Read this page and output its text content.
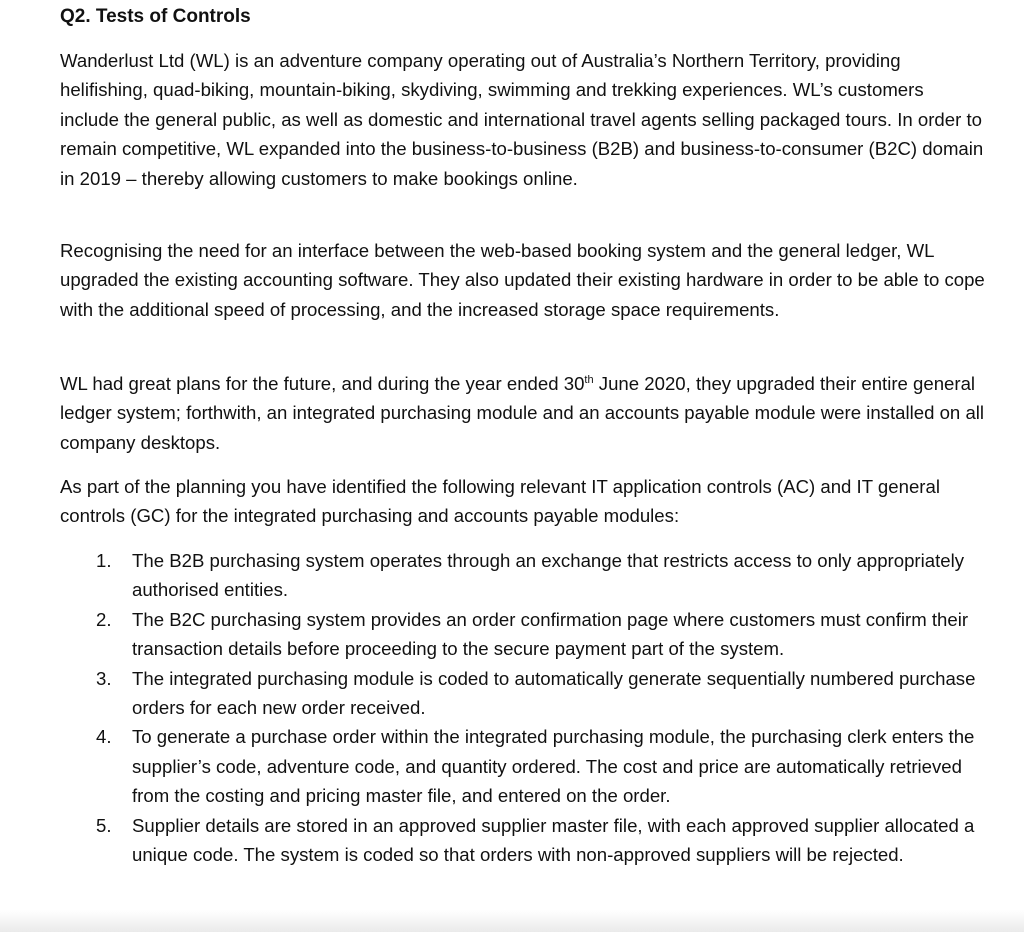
Q2. Tests of Controls

Wanderlust Ltd (WL) is an adventure company operating out of Australia’s Northern Territory, providing helifishing, quad-biking, mountain-biking, skydiving, swimming and trekking experiences. WL’s customers include the general public, as well as domestic and international travel agents selling packaged tours. In order to remain competitive, WL expanded into the business-to-business (B2B) and business-to-consumer (B2C) domain in 2019 – thereby allowing customers to make bookings online.

Recognising the need for an interface between the web-based booking system and the general ledger, WL upgraded the existing accounting software. They also updated their existing hardware in order to be able to cope with the additional speed of processing, and the increased storage space requirements.

WL had great plans for the future, and during the year ended 30th June 2020, they upgraded their entire general ledger system; forthwith, an integrated purchasing module and an accounts payable module were installed on all company desktops.

As part of the planning you have identified the following relevant IT application controls (AC) and IT general controls (GC) for the integrated purchasing and accounts payable modules:

1. The B2B purchasing system operates through an exchange that restricts access to only appropriately authorised entities.
2. The B2C purchasing system provides an order confirmation page where customers must confirm their transaction details before proceeding to the secure payment part of the system.
3. The integrated purchasing module is coded to automatically generate sequentially numbered purchase orders for each new order received.
4. To generate a purchase order within the integrated purchasing module, the purchasing clerk enters the supplier’s code, adventure code, and quantity ordered. The cost and price are automatically retrieved from the costing and pricing master file, and entered on the order.
5. Supplier details are stored in an approved supplier master file, with each approved supplier allocated a unique code. The system is coded so that orders with non-approved suppliers will be rejected.
